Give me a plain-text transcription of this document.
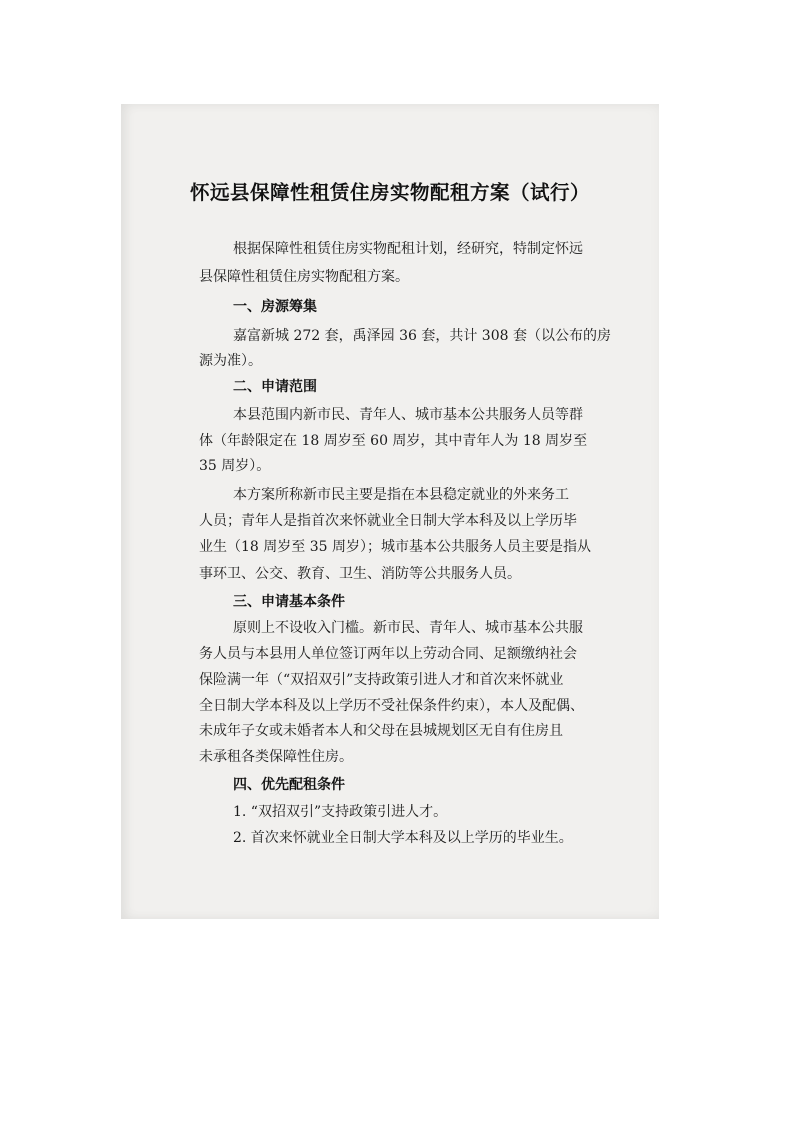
怀远县保障性租赁住房实物配租方案（试行）

根据保障性租赁住房实物配租计划，经研究，特制定怀远

县保障性租赁住房实物配租方案。

一、房源筹集

嘉富新城 272 套，禹泽园 36 套，共计 308 套（以公布的房

源为准）。

二、申请范围

本县范围内新市民、青年人、城市基本公共服务人员等群

体（年龄限定在 18 周岁至 60 周岁，其中青年人为 18 周岁至

35 周岁）。

本方案所称新市民主要是指在本县稳定就业的外来务工

人员；青年人是指首次来怀就业全日制大学本科及以上学历毕

业生（18 周岁至 35 周岁）；城市基本公共服务人员主要是指从

事环卫、公交、教育、卫生、消防等公共服务人员。

三、申请基本条件

原则上不设收入门槛。新市民、青年人、城市基本公共服

务人员与本县用人单位签订两年以上劳动合同、足额缴纳社会

保险满一年（“双招双引”支持政策引进人才和首次来怀就业

全日制大学本科及以上学历不受社保条件约束），本人及配偶、

未成年子女或未婚者本人和父母在县城规划区无自有住房且

未承租各类保障性住房。

四、优先配租条件

1. “双招双引”支持政策引进人才。

2. 首次来怀就业全日制大学本科及以上学历的毕业生。
